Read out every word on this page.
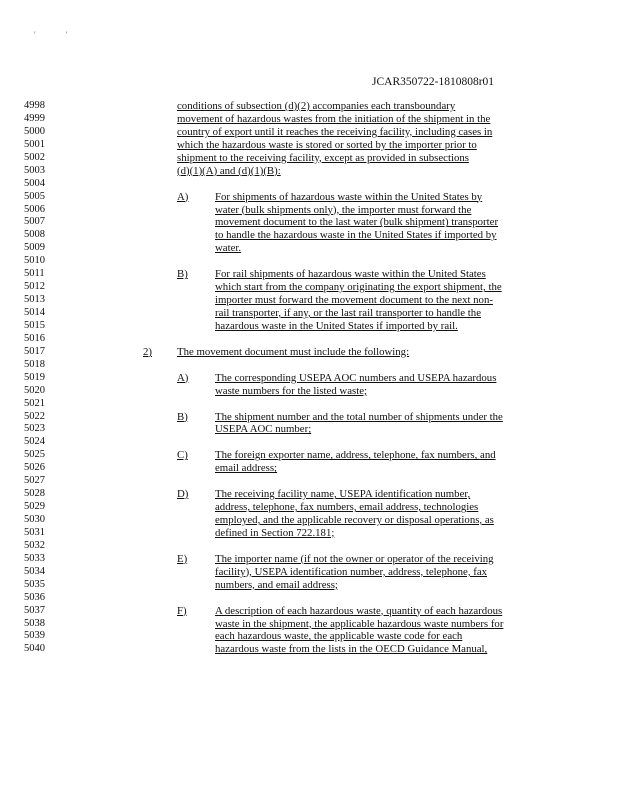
' '
JCAR350722-1810808r01
4998
4999
5000
5001
5002
5003
5004
5005
5006
5007
5008
5009
5010
5011
5012
5013
5014
5015
5016
5017
5018
5019
5020
5021
5022
5023
5024
5025
5026
5027
5028
5029
5030
5031
5032
5033
5034
5035
5036
5037
5038
5039
5040
conditions of subsection (d)(2) accompanies each transboundary
movement of hazardous wastes from the initiation of the shipment in the
country of export until it reaches the receiving facility, including cases in
which the hazardous waste is stored or sorted by the importer prior to
shipment to the receiving facility, except as provided in subsections
(d)(1)(A) and (d)(1)(B):
A) For shipments of hazardous waste within the United States by
water (bulk shipments only), the importer must forward the
movement document to the last water (bulk shipment) transporter
to handle the hazardous waste in the United States if imported by
water.
B)	For rail shipments of hazardous waste within the United States
which start from the company originating the export shipment, the
importer must forward the movement document to the next non-
rail transporter, if any, or the last rail transporter to handle the
hazardous waste in the United States if imported by rail.
2) The movement document must include the following:
A) The corresponding USEPA AOC numbers and USEPA hazardous
waste numbers for the listed waste;
B)	The shipment number and the total number of shipments under the
USEPA AOC number;
C)	The foreign exporter name, address, telephone, fax numbers, and
email address;
D) The receiving facility name, USEPA identification number,
address, telephone, fax numbers, email address, technologies
employed, and the applicable recovery or disposal operations, as
defined in Section 722.181;
E)	The importer name (if not the owner or operator of the receiving
facility), USEPA identification number, address, telephone, fax
numbers, and email address;
F)	A description of each hazardous waste, quantity of each hazardous
waste in the shipment, the applicable hazardous waste numbers for
each hazardous waste, the applicable waste code for each
hazardous waste from the lists in the OECD Guidance Manual,
